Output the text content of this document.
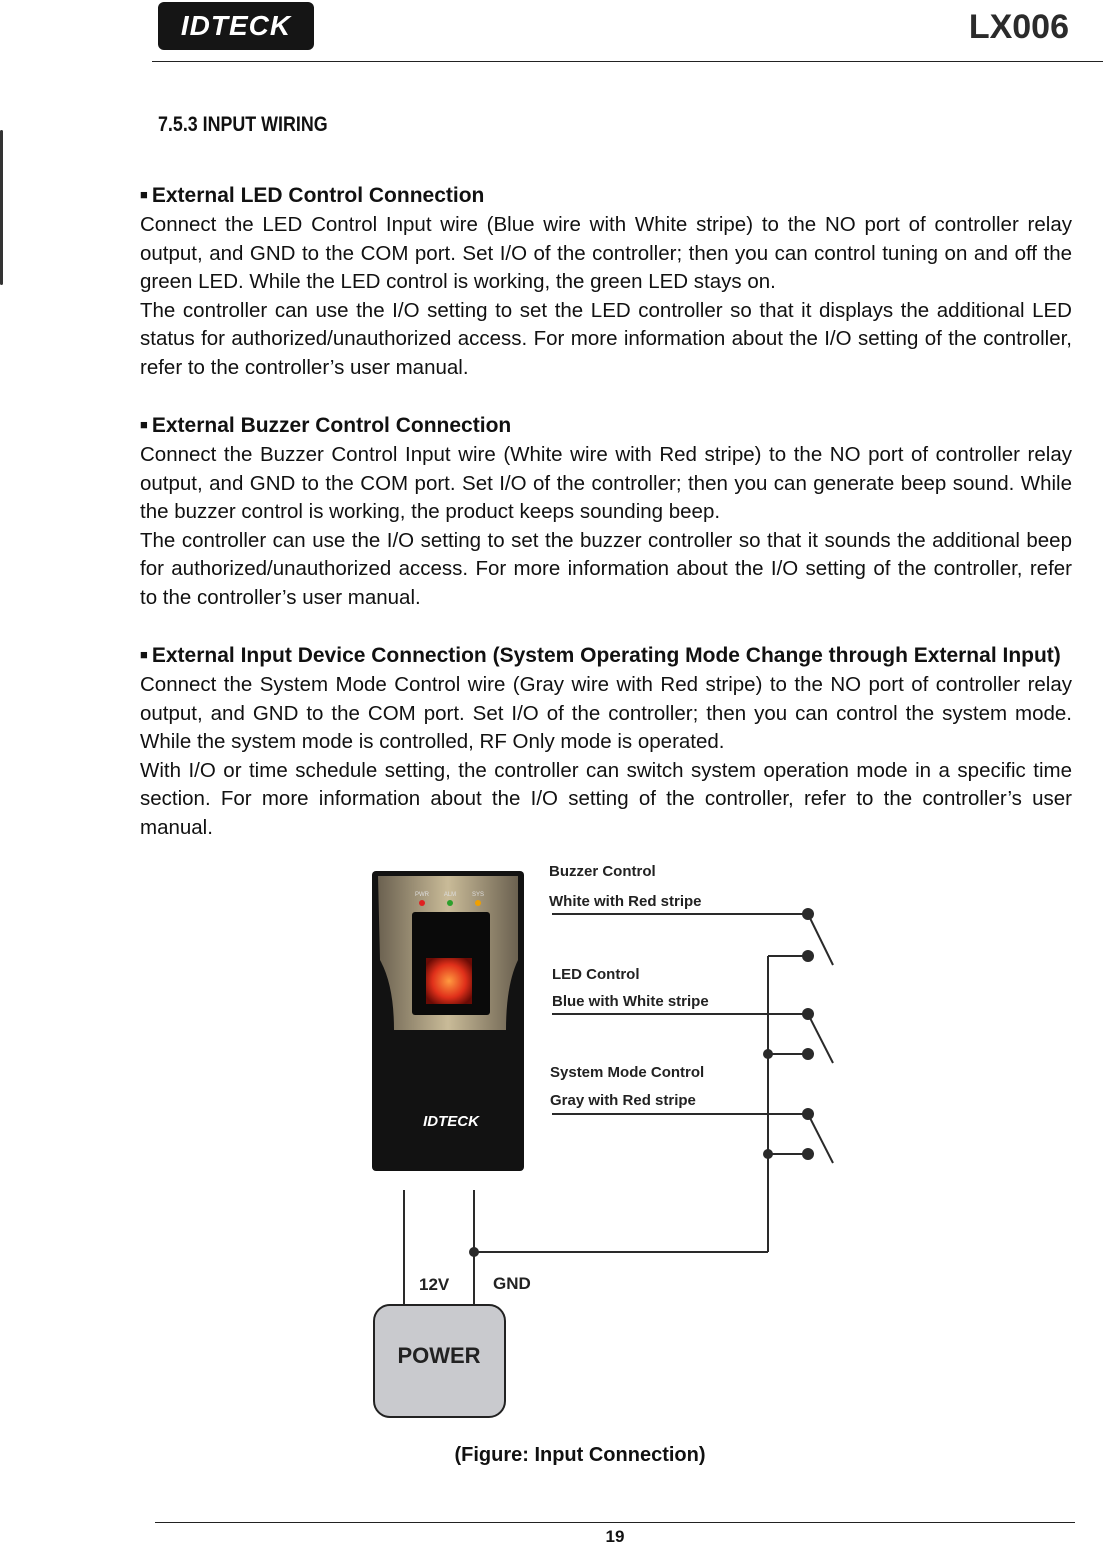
IDTECK	LX006
7.5.3 INPUT WIRING
■ External LED Control Connection
Connect the LED Control Input wire (Blue wire with White stripe) to the NO port of controller relay output, and GND to the COM port. Set I/O of the controller; then you can control tuning on and off the green LED. While the LED control is working, the green LED stays on.
The controller can use the I/O setting to set the LED controller so that it displays the additional LED status for authorized/unauthorized access. For more information about the I/O setting of the controller, refer to the controller’s user manual.
■ External Buzzer Control Connection
Connect the Buzzer Control Input wire (White wire with Red stripe) to the NO port of controller relay output, and GND to the COM port. Set I/O of the controller; then you can generate beep sound. While the buzzer control is working, the product keeps sounding beep.
The controller can use the I/O setting to set the buzzer controller so that it sounds the additional beep for authorized/unauthorized access. For more information about the I/O setting of the controller, refer to the controller’s user manual.
■ External Input Device Connection (System Operating Mode Change through External Input)
Connect the System Mode Control wire (Gray wire with Red stripe) to the NO port of controller relay output, and GND to the COM port. Set I/O of the controller; then you can control the system mode. While the system mode is controlled, RF Only mode is operated.
With I/O or time schedule setting, the controller can switch system operation mode in a specific time section. For more information about the I/O setting of the controller, refer to the controller’s user manual.
PWR ALM	SYS
IDTECK
Buzzer Control
White with Red stripe
LED Control
Blue with White stripe
System Mode Control
Gray with Red stripe
12V	GND
POWER
(Figure: Input Connection)
19
